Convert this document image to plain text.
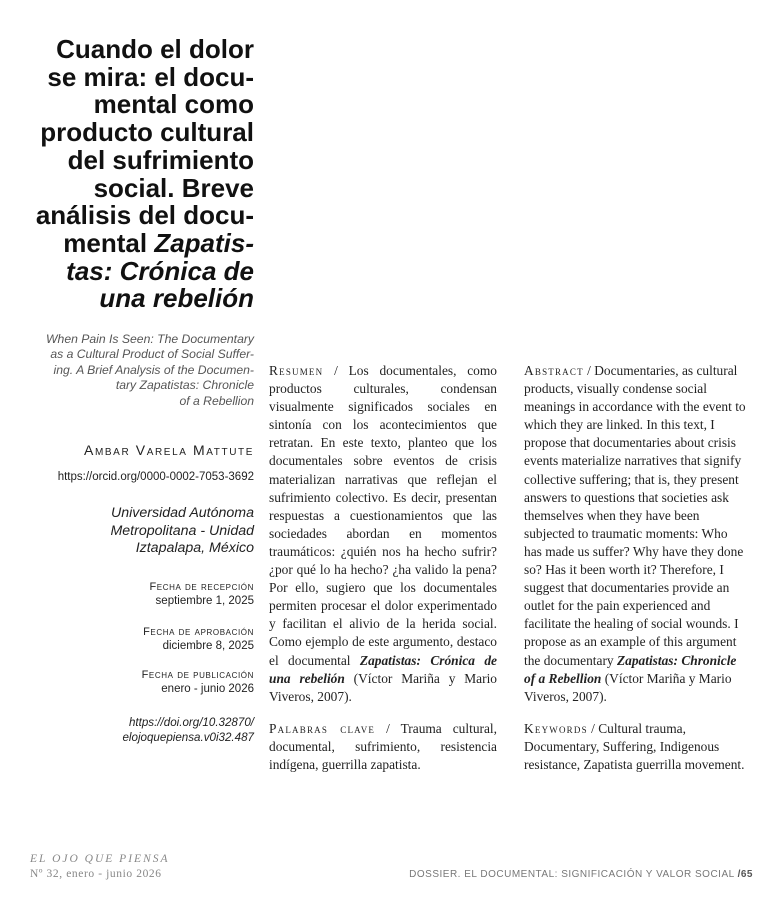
Cuando el dolor
se mira: el docu-
mental como
producto cultural
del sufrimiento
social. Breve
análisis del docu-
mental Zapatis-
tas: Crónica de
una rebelión
When Pain Is Seen: The Documentary
as a Cultural Product of Social Suffer-
ing. A Brief Analysis of the Documen-
tary Zapatistas: Chronicle
of a Rebellion
Ambar Varela Mattute
https://orcid.org/0000-0002-7053-3692
Universidad Autónoma
Metropolitana - Unidad
Iztapalapa, México
Fecha de recepción
septiembre 1, 2025
Fecha de aprobación
diciembre 8, 2025
Fecha de publicación
enero - junio 2026
https://doi.org/10.32870/
elojoquepiensa.v0i32.487

Resumen / Los documentales, como productos culturales, condensan visualmente significados sociales en sintonía con los acontecimientos que retratan. En este texto, planteo que los documentales sobre eventos de crisis materializan narrativas que reflejan el sufrimiento colectivo. Es decir, presentan respuestas a cuestionamientos que las sociedades abordan en momentos traumáticos: ¿quién nos ha hecho sufrir? ¿por qué lo ha hecho? ¿ha valido la pena? Por ello, sugiero que los documentales permiten procesar el dolor experimentado y facilitan el alivio de la herida social. Como ejemplo de este argumento, destaco el documental Zapatistas: Crónica de una rebelión (Víctor Mariña y Mario Viveros, 2007).

Palabras clave / Trauma cultural, documental, sufrimiento, resistencia indígena, guerrilla zapatista.

Abstract / Documentaries, as cultural products, visually condense social meanings in accordance with the event to which they are linked. In this text, I propose that documentaries about crisis events materialize narratives that signify collective suffering; that is, they present answers to questions that societies ask themselves when they have been subjected to traumatic moments: Who has made us suffer? Why have they done so? Has it been worth it? Therefore, I suggest that documentaries provide an outlet for the pain experienced and facilitate the healing of social wounds. I propose as an example of this argument the documentary Zapatistas: Chronicle of a Rebellion (Víctor Mariña y Mario Viveros, 2007).

Keywords / Cultural trauma, Documentary, Suffering, Indigenous resistance, Zapatista guerrilla movement.

EL OJO QUE PIENSA
Nº 32, enero - junio 2026	DOSSIER. EL DOCUMENTAL: SIGNIFICACIÓN Y VALOR SOCIAL /65
